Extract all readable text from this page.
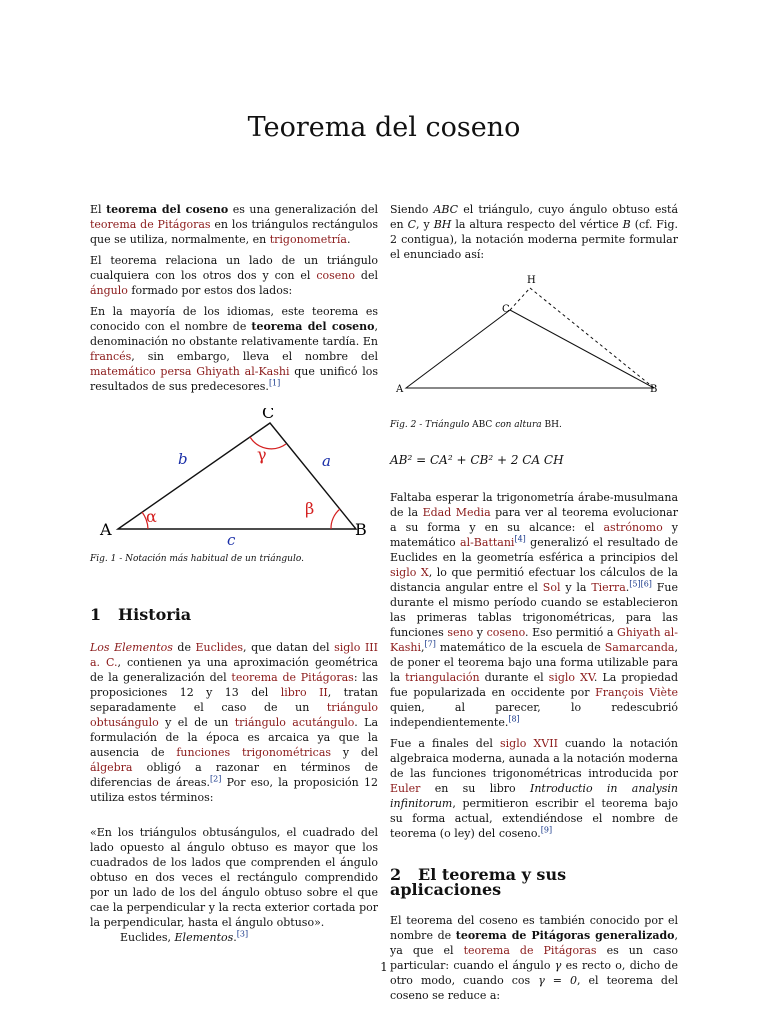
Teorema del coseno

El teorema del coseno es una generalización del teorema de Pitágoras en los triángulos rectángulos que se utiliza, normalmente, en trigonometría.

El teorema relaciona un lado de un triángulo cualquiera con los otros dos y con el coseno del ángulo formado por estos dos lados:

En la mayoría de los idiomas, este teorema es conocido con el nombre de teorema del coseno, denominación no obstante relativamente tardía. En francés, sin embargo, lleva el nombre del matemático persa Ghiyath al-Kashi que unificó los resultados de sus predecesores.[1]

A	B
C
a
b
c
α	β
γ

Fig. 1 - Notación más habitual de un triángulo.

1 Historia

Los Elementos de Euclides, que datan del siglo III a. C., contienen ya una aproximación geométrica de la generalización del teorema de Pitágoras: las proposiciones 12 y 13 del libro II, tratan separadamente el caso de un triángulo obtusángulo y el de un triángulo acutángulo. La formulación de la época es arcaica ya que la ausencia de funciones trigonométricas y del álgebra obligó a razonar en términos de diferencias de áreas.[2] Por eso, la proposición 12 utiliza estos términos:

«En los triángulos obtusángulos, el cuadrado del lado opuesto al ángulo obtuso es mayor que los cuadrados de los lados que comprenden el ángulo obtuso en dos veces el rectángulo comprendido por un lado de los del ángulo obtuso sobre el que cae la perpendicular y la recta exterior cortada por la perpendicular, hasta el ángulo obtuso».

Euclides, Elementos.[3]

Siendo ABC el triángulo, cuyo ángulo obtuso está en C, y BH la altura respecto del vértice B (cf. Fig. 2 contigua), la notación moderna permite formular el enunciado así:

A	B
C
H

Fig. 2 - Triángulo ABC con altura BH.

AB² = CA² + CB² + 2 CA CH

Faltaba esperar la trigonometría árabe-musulmana de la Edad Media para ver al teorema evolucionar a su forma y en su alcance: el astrónomo y matemático al-Battani[4] generalizó el resultado de Euclides en la geometría esférica a principios del siglo X, lo que permitió efectuar los cálculos de la distancia angular entre el Sol y la Tierra.[5][6] Fue durante el mismo período cuando se establecieron las primeras tablas trigonométricas, para las funciones seno y coseno. Eso permitió a Ghiyath al-Kashi,[7] matemático de la escuela de Samarcanda, de poner el teorema bajo una forma utilizable para la triangulación durante el siglo XV. La propiedad fue popularizada en occidente por François Viète quien, al parecer, lo redescubrió independientemente.[8]

Fue a finales del siglo XVII cuando la notación algebraica moderna, aunada a la notación moderna de las funciones trigonométricas introducida por Euler en su libro Introductio in analysin infinitorum, permitieron escribir el teorema bajo su forma actual, extendiéndose el nombre de teorema (o ley) del coseno.[9]

2 El teorema y sus aplicaciones

El teorema del coseno es también conocido por el nombre de teorema de Pitágoras generalizado, ya que el teorema de Pitágoras es un caso particular: cuando el ángulo γ es recto o, dicho de otro modo, cuando cos γ = 0, el teorema del coseno se reduce a:

1
